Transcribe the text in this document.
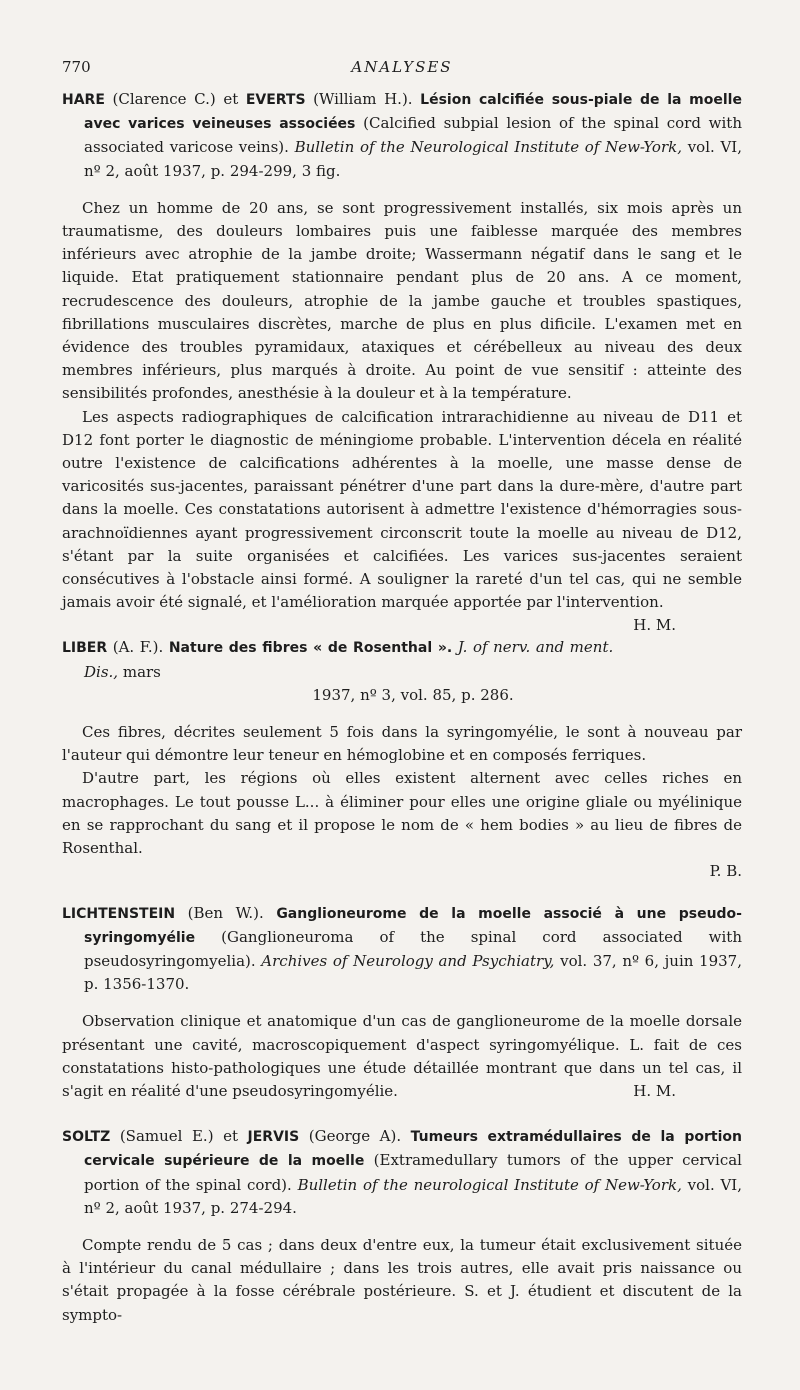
770	ANALYSES

HARE (Clarence C.) et EVERTS (William H.). Lésion calcifiée sous-piale de la moelle avec varices veineuses associées (Calcified subpial lesion of the spinal cord with associated varicose veins). Bulletin of the Neurological Institute of New-York, vol. VI, nº 2, août 1937, p. 294-299, 3 fig.

Chez un homme de 20 ans, se sont progressivement installés, six mois après un traumatisme, des douleurs lombaires puis une faiblesse marquée des membres inférieurs avec atrophie de la jambe droite; Wassermann négatif dans le sang et le liquide. Etat pratiquement stationnaire pendant plus de 20 ans. A ce moment, recrudescence des douleurs, atrophie de la jambe gauche et troubles spastiques, fibrillations musculaires discrètes, marche de plus en plus dificile. L'examen met en évidence des troubles pyramidaux, ataxiques et cérébelleux au niveau des deux membres inférieurs, plus marqués à droite. Au point de vue sensitif : atteinte des sensibilités profondes, anesthésie à la douleur et à la température.

Les aspects radiographiques de calcification intrarachidienne au niveau de D11 et D12 font porter le diagnostic de méningiome probable. L'intervention décela en réalité outre l'existence de calcifications adhérentes à la moelle, une masse dense de varicosités sus-jacentes, paraissant pénétrer d'une part dans la dure-mère, d'autre part dans la moelle. Ces constatations autorisent à admettre l'existence d'hémorragies sous-arachnoïdiennes ayant progressivement circonscrit toute la moelle au niveau de D12, s'étant par la suite organisées et calcifiées. Les varices sus-jacentes seraient consécutives à l'obstacle ainsi formé. A souligner la rareté d'un tel cas, qui ne semble jamais avoir été signalé, et l'amélioration marquée apportée par l'intervention.
H. M.

LIBER (A. F.). Nature des fibres « de Rosenthal ». J. of nerv. and ment. Dis., mars
1937, nº 3, vol. 85, p. 286.

Ces fibres, décrites seulement 5 fois dans la syringomyélie, le sont à nouveau par l'auteur qui démontre leur teneur en hémoglobine et en composés ferriques.

D'autre part, les régions où elles existent alternent avec celles riches en macrophages. Le tout pousse L... à éliminer pour elles une origine gliale ou myélinique en se rapprochant du sang et il propose le nom de « hem bodies » au lieu de fibres de Rosenthal.

P. B.

LICHTENSTEIN (Ben W.). Ganglioneurome de la moelle associé à une pseudo-syringomyélie (Ganglioneuroma of the spinal cord associated with pseudosyringomyelia). Archives of Neurology and Psychiatry, vol. 37, nº 6, juin 1937, p. 1356-1370.

Observation clinique et anatomique d'un cas de ganglioneurome de la moelle dorsale présentant une cavité, macroscopiquement d'aspect syringomyélique. L. fait de ces constatations histo-pathologiques une étude détaillée montrant que dans un tel cas, il s'agit en réalité d'une pseudosyringomyélie.	H. M.

SOLTZ (Samuel E.) et JERVIS (George A). Tumeurs extramédullaires de la portion cervicale supérieure de la moelle (Extramedullary tumors of the upper cervical portion of the spinal cord). Bulletin of the neurological Institute of New-York, vol. VI, nº 2, août 1937, p. 274-294.

Compte rendu de 5 cas ; dans deux d'entre eux, la tumeur était exclusivement située à l'intérieur du canal médullaire ; dans les trois autres, elle avait pris naissance ou s'était propagée à la fosse cérébrale postérieure. S. et J. étudient et discutent de la sympto-
